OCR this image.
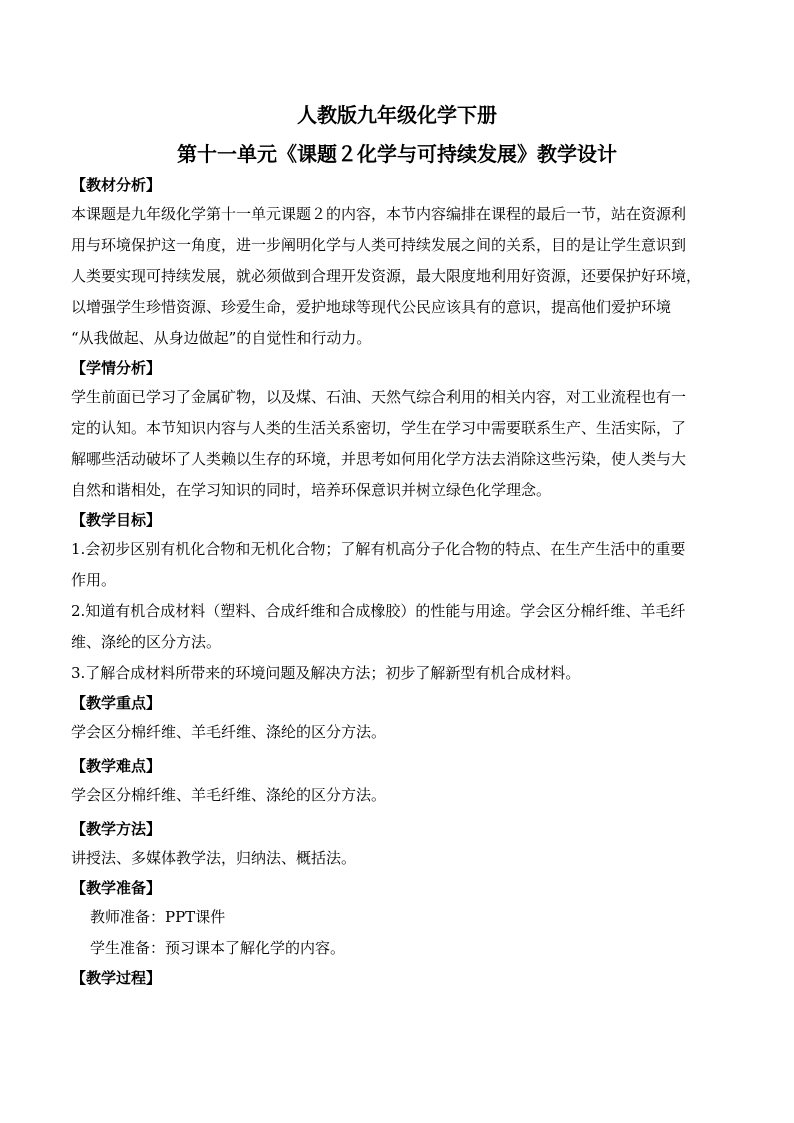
人教版九年级化学下册
第十一单元《课题２化学与可持续发展》教学设计

【教材分析】

本课题是九年级化学第十一单元课题２的内容，本节内容编排在课程的最后一节，站在资源利

用与环境保护这一角度，进一步阐明化学与人类可持续发展之间的关系，目的是让学生意识到

人类要实现可持续发展，就必须做到合理开发资源，最大限度地利用好资源，还要保护好环境，

以增强学生珍惜资源、珍爱生命，爱护地球等现代公民应该具有的意识，提高他们爱护环境

“从我做起、从身边做起”的自觉性和行动力。

【学情分析】

学生前面已学习了金属矿物，以及煤、石油、天然气综合利用的相关内容，对工业流程也有一

定的认知。本节知识内容与人类的生活关系密切，学生在学习中需要联系生产、生活实际，了

解哪些活动破坏了人类赖以生存的环境，并思考如何用化学方法去消除这些污染，使人类与大

自然和谐相处，在学习知识的同时，培养环保意识并树立绿色化学理念。

【教学目标】

1.会初步区别有机化合物和无机化合物；了解有机高分子化合物的特点、在生产生活中的重要

作用。

2.知道有机合成材料（塑料、合成纤维和合成橡胶）的性能与用途。学会区分棉纤维、羊毛纤

维、涤纶的区分方法。

3.了解合成材料所带来的环境问题及解决方法；初步了解新型有机合成材料。

【教学重点】

学会区分棉纤维、羊毛纤维、涤纶的区分方法。

【教学难点】

学会区分棉纤维、羊毛纤维、涤纶的区分方法。

【教学方法】

讲授法、多媒体教学法，归纳法、概括法。

【教学准备】

教师准备：PPT课件

学生准备：预习课本了解化学的内容。

【教学过程】
